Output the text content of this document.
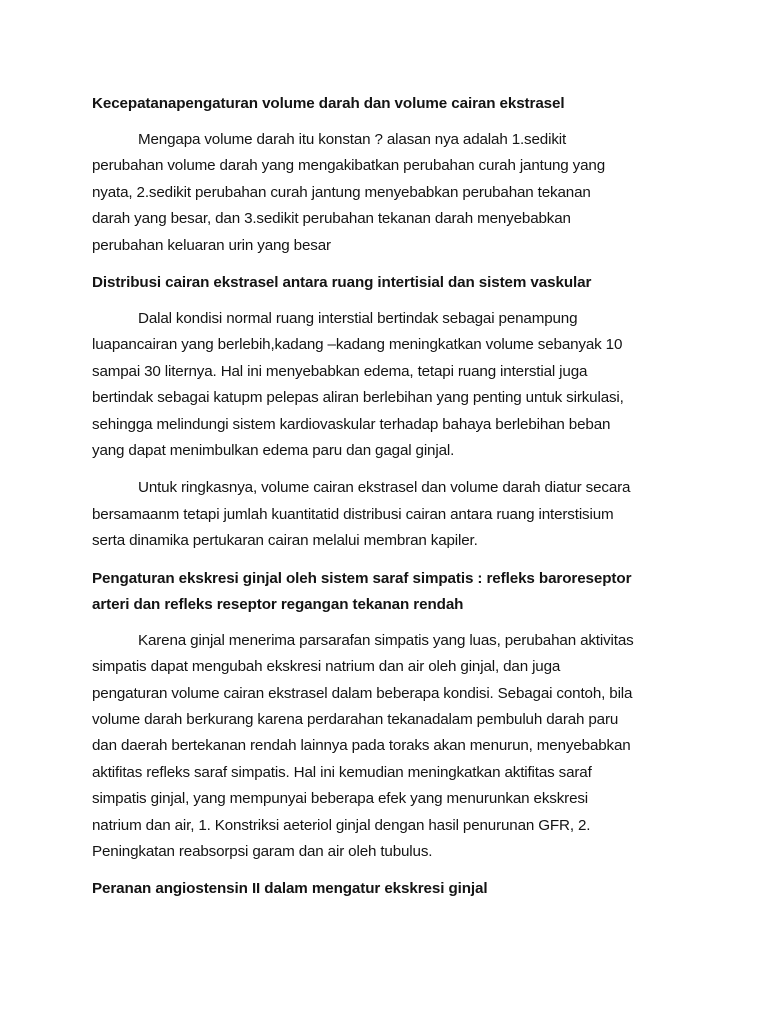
Kecepatanapengaturan volume darah dan volume cairan ekstrasel
Mengapa volume darah itu konstan ? alasan nya adalah 1.sedikit
perubahan volume darah yang mengakibatkan perubahan curah jantung yang
nyata, 2.sedikit perubahan curah jantung menyebabkan perubahan tekanan
darah yang besar, dan 3.sedikit perubahan tekanan darah menyebabkan
perubahan keluaran urin yang besar
Distribusi cairan ekstrasel antara ruang intertisial dan sistem vaskular
Dalal kondisi normal ruang interstial bertindak sebagai penampung
luapancairan yang berlebih,kadang –kadang meningkatkan volume sebanyak 10
sampai 30 liternya. Hal ini menyebabkan edema, tetapi ruang interstial juga
bertindak sebagai katupm pelepas aliran berlebihan yang penting untuk sirkulasi,
sehingga melindungi sistem kardiovaskular terhadap bahaya berlebihan beban
yang dapat menimbulkan edema paru dan gagal ginjal.
Untuk ringkasnya, volume cairan ekstrasel dan volume darah diatur secara
bersamaanm tetapi jumlah kuantitatid distribusi cairan antara ruang interstisium
serta dinamika pertukaran cairan melalui membran kapiler.
Pengaturan ekskresi ginjal oleh sistem saraf simpatis : refleks baroreseptor
arteri dan refleks reseptor regangan tekanan rendah
Karena ginjal menerima parsarafan simpatis yang luas, perubahan aktivitas
simpatis dapat mengubah ekskresi natrium dan air oleh ginjal, dan juga
pengaturan volume cairan ekstrasel dalam beberapa kondisi. Sebagai contoh, bila
volume darah berkurang karena perdarahan tekanadalam pembuluh darah paru
dan daerah bertekanan rendah lainnya pada toraks akan menurun, menyebabkan
aktifitas refleks saraf simpatis. Hal ini kemudian meningkatkan aktifitas saraf
simpatis ginjal, yang mempunyai beberapa efek yang menurunkan ekskresi
natrium dan air, 1. Konstriksi aeteriol ginjal dengan hasil penurunan GFR, 2.
Peningkatan reabsorpsi garam dan air oleh tubulus.
Peranan angiostensin II dalam mengatur ekskresi ginjal
